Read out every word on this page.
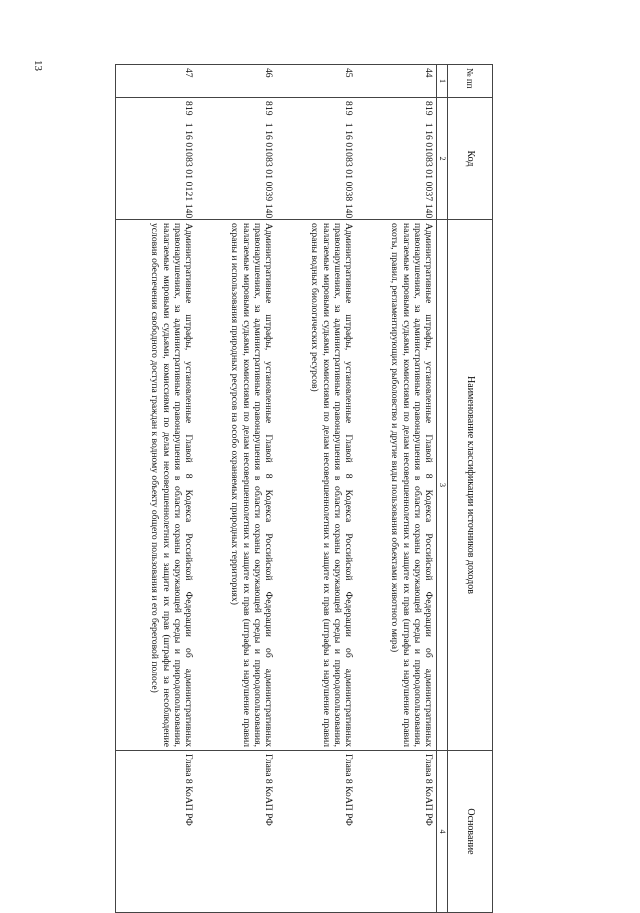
13
№ пп	Код	Наименование классификации источников доходов	Основание
1	2	3	4
44	8191 16 01083 01 0037 140	Административные штрафы, установленные Главой 8 Кодекса Российской Федерации об административных правонарушениях, за административные правонарушения в области охраны окружающей среды и природопользования, налагаемые мировыми судьями, комиссиями по делам несовершеннолетних и защите их прав (штрафы за нарушение правил охоты, правил, регламентирующих рыболовство и другие виды пользования объектами животного мира)	Глава 8 КоАП РФ
45	8191 16 01083 01 0038 140	Административные штрафы, установленные Главой 8 Кодекса Российской Федерации об административных правонарушениях, за административные правонарушения в области охраны окружающей среды и природопользования, налагаемые мировыми судьями, комиссиями по делам несовершеннолетних и защите их прав (штрафы за нарушение правил охраны водных биологических ресурсов)	Глава 8 КоАП РФ
46	8191 16 01083 01 0039 140	Административные штрафы, установленные Главой 8 Кодекса Российской Федерации об административных правонарушениях, за административные правонарушения в области охраны окружающей среды и природопользования, налагаемые мировыми судьями, комиссиями по делам несовершеннолетних и защите их прав (штрафы за нарушение правил охраны и использования природных ресурсов на особо охраняемых природных территориях)	Глава 8 КоАП РФ
47	8191 16 01083 01 0121 140	Административные штрафы, установленные Главой 8 Кодекса Российской Федерации об административных правонарушениях, за административные правонарушения в области охраны окружающей среды и природопользования, налагаемые мировыми судьями, комиссиями по делам несовершеннолетних и защите их прав (штрафы за несоблюдение условия обеспечения свободного доступа граждан к водному объекту общего пользования и его береговой полосе)	Глава 8 КоАП РФ
